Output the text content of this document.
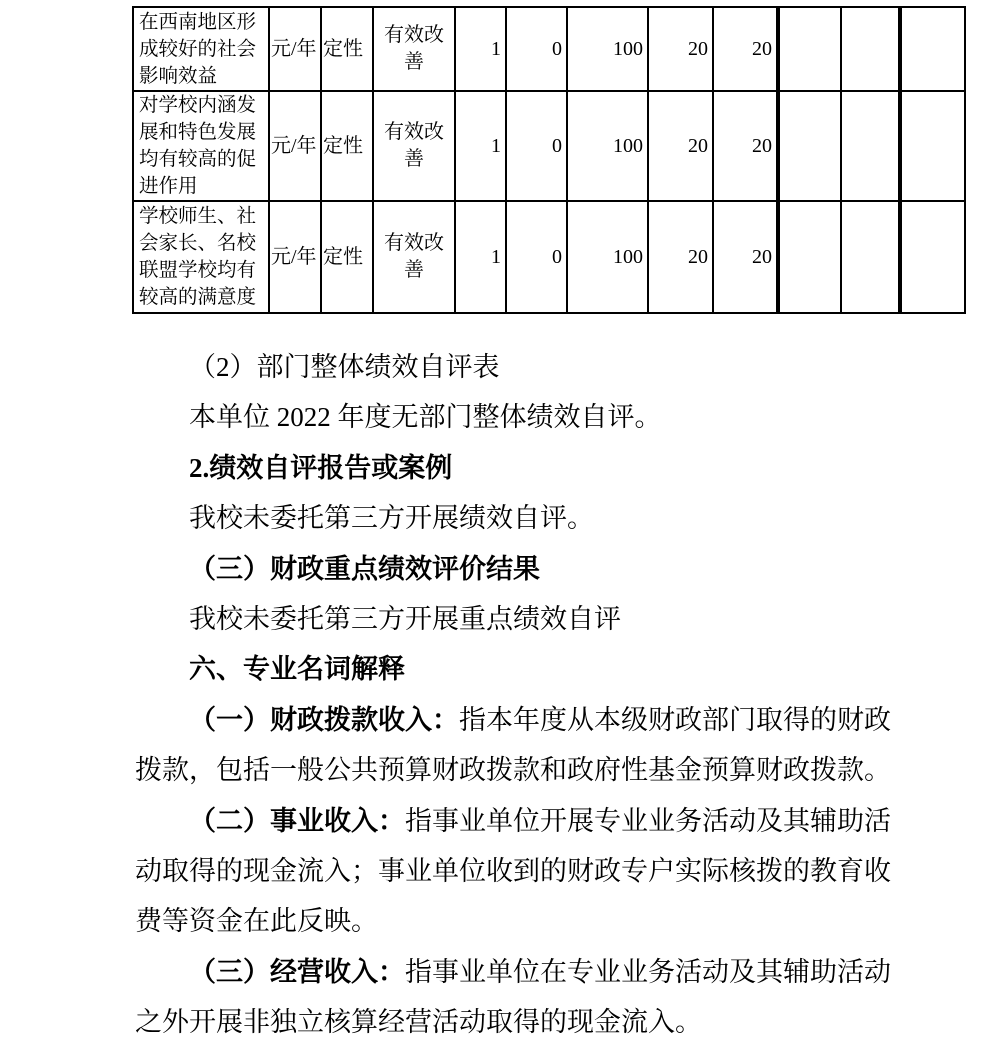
在西南地区形成较好的社会影响效益	元/年	定性	有效改善	1	0	100	20	20			
对学校内涵发展和特色发展均有较高的促进作用	元/年	定性	有效改善	1	0	100	20	20			
学校师生、社会家长、名校联盟学校均有较高的满意度	元/年	定性	有效改善	1	0	100	20	20			

（2）部门整体绩效自评表

本单位 2022 年度无部门整体绩效自评。

2.绩效自评报告或案例

我校未委托第三方开展绩效自评。

（三）财政重点绩效评价结果

我校未委托第三方开展重点绩效自评

六、专业名词解释

（一）财政拨款收入：指本年度从本级财政部门取得的财政拨款，包括一般公共预算财政拨款和政府性基金预算财政拨款。

（二）事业收入：指事业单位开展专业业务活动及其辅助活动取得的现金流入；事业单位收到的财政专户实际核拨的教育收费等资金在此反映。

（三）经营收入：指事业单位在专业业务活动及其辅助活动之外开展非独立核算经营活动取得的现金流入。
